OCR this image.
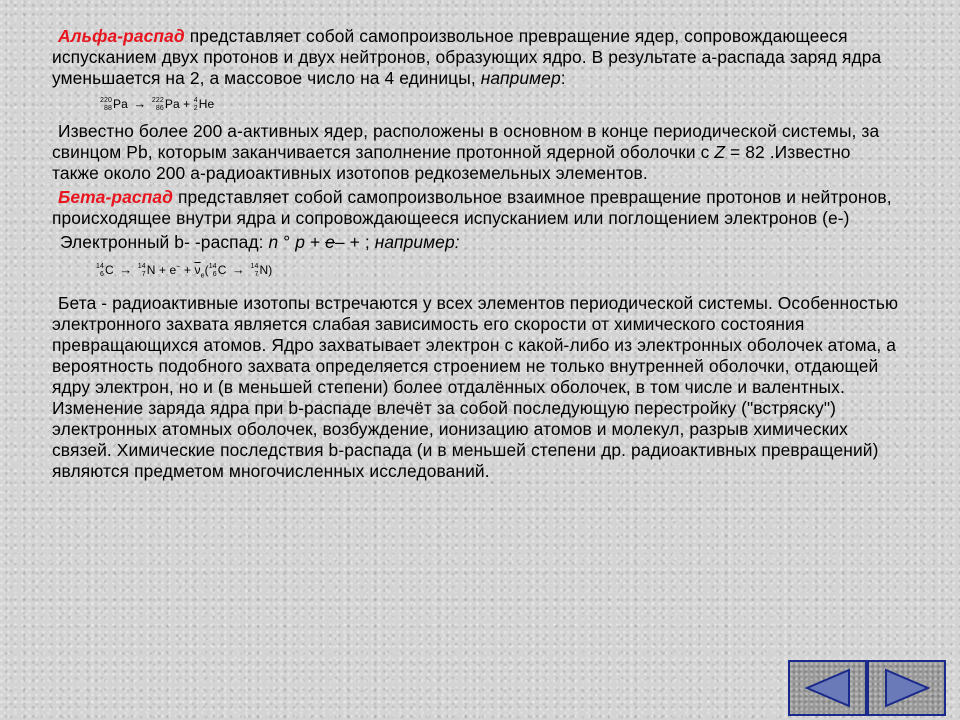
Альфа-распад представляет собой самопроизвольное превращение ядер, сопровождающееся испусканием двух протонов и двух нейтронов, образующих ядро. В результате a-распада заряд ядра уменьшается на 2, а массовое число на 4 единицы, например:

220
88Pa → 222
86Pa + 4
2He

Известно более 200 a-активных ядер, расположены в основном в конце периодической системы, за свинцом Pb, которым заканчивается заполнение протонной ядерной оболочки с Z = 82 .Известно также около 200 a-радиоактивных изотопов редкоземельных элементов.

Бета-распад представляет собой самопроизвольное взаимное превращение протонов и нейтронов, происходящее внутри ядра и сопровождающееся испусканием или поглощением электронов (е-)

Электронный b- -распад: n ° p + e– + ; например:

14
6C → 14
$7N + e^- + \overline{\nu}_e(14$
6C → 14
7N)

Бета - радиоактивные изотопы встречаются у всех элементов периодической системы. Особенностью электронного захвата является слабая зависимость его скорости от химического состояния превращающихся атомов. Ядро захватывает электрон с какой-либо из электронных оболочек атома, а вероятность подобного захвата определяется строением не только внутренней оболочки, отдающей ядру электрон, но и (в меньшей степени) более отдалённых оболочек, в том числе и валентных. Изменение заряда ядра при b-распаде влечёт за собой последующую перестройку ("встряску") электронных атомных оболочек, возбуждение, ионизацию атомов и молекул, разрыв химических связей. Химические последствия b-распада (и в меньшей степени др. радиоактивных превращений) являются предметом многочисленных исследований.
